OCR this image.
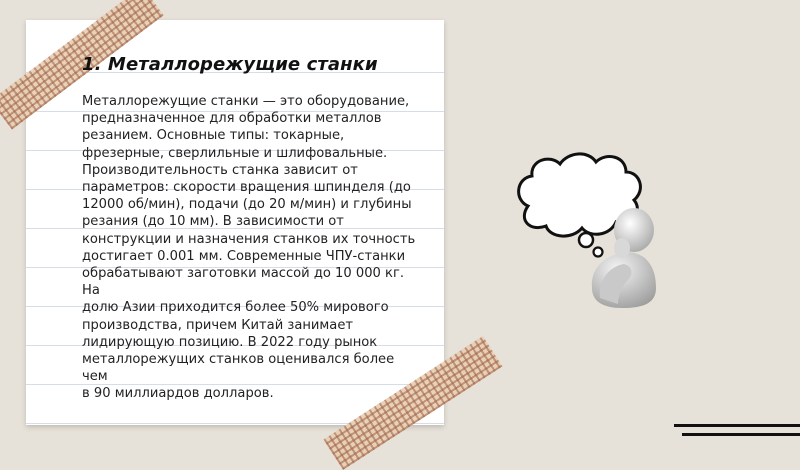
1. Металлорежущие станки

Металлорежущие станки — это оборудование,
предназначенное для обработки металлов
резанием. Основные типы: токарные,
фрезерные, сверлильные и шлифовальные.
Производительность станка зависит от
параметров: скорости вращения шпинделя (до
12000 об/мин), подачи (до 20 м/мин) и глубины
резания (до 10 мм). В зависимости от
конструкции и назначения станков их точность
достигает 0.001 мм. Современные ЧПУ-станки
обрабатывают заготовки массой до 10 000 кг. На
долю Азии приходится более 50% мирового
производства, причем Китай занимает
лидирующую позицию. В 2022 году рынок
металлорежущих станков оценивался более чем
в 90 миллиардов долларов.
